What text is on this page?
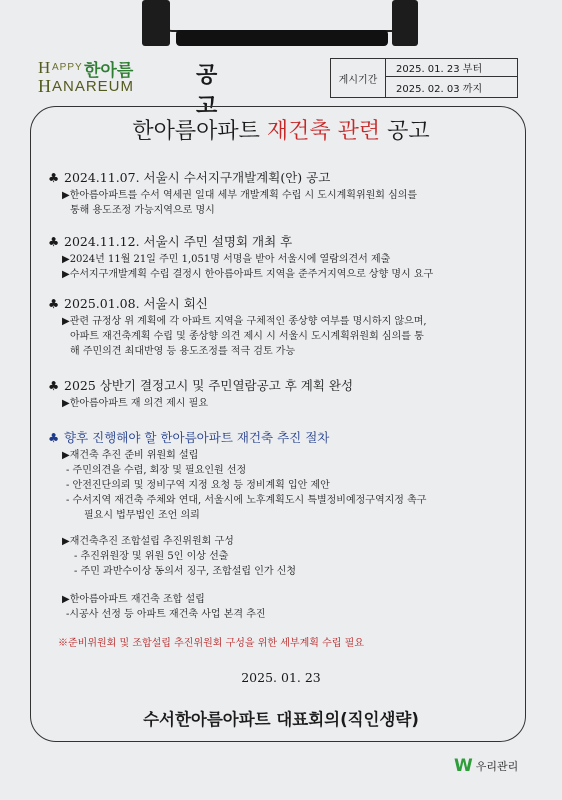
H APPY 한아름
H ANAREUM	공 고
게시기간
2025. 01. 23 부터
2025. 02. 03 까지
한아름아파트 재건축 관련 공고
♣ 2024.11.07. 서울시 수서지구개발계획(안) 공고
▶한아름아파트를 수서 역세권 일대 세부 개발계획 수립 시 도시계획위원회 심의를
통해 용도조정 가능지역으로 명시
♣ 2024.11.12. 서울시 주민 설명회 개최 후
▶2024년 11월 21일 주민 1,051명 서명을 받아 서울시에 열람의견서 제출
▶수서지구개발계획 수립 결정시 한아름아파트 지역을 준주거지역으로 상향 명시 요구
♣ 2025.01.08. 서울시 회신
▶관련 규정상 위 계획에 각 아파트 지역을 구체적인 종상향 여부를 명시하지 않으며,
아파트 재건축계획 수립 및 종상향 의견 제시 시 서울시 도시계획위원회 심의를 통
해 주민의견 최대반영 등 용도조정를 적극 검토 가능
♣ 2025 상반기 결정고시 및 주민열람공고 후 계획 완성
▶한아름아파트 재 의견 제시 필요
♣ 향후 진행해야 할 한아름아파트 재건축 추진 절차
▶재건축 추진 준비 위원회 설립
- 주민의견을 수렴, 회장 및 필요인원 선정
- 안전진단의뢰 및 정비구역 지정 요청 등 정비계획 입안 제안
- 수서지역 재건축 주체와 연대, 서울시에 노후계획도시 특별정비예정구역지정 촉구
필요시 법무법인 조언 의뢰
▶재건축추진 조합설립 추진위원회 구성
- 추진위원장 및 위원 5인 이상 선출
- 주민 과반수이상 동의서 징구, 조합설립 인가 신청
▶한아름아파트 재건축 조합 설립
-시공사 선정 등 아파트 재건축 사업 본격 추진
※준비위원회 및 조합설립 추진위원회 구성을 위한 세부계획 수립 필요
2025. 01. 23
수서한아름아파트 대표회의(직인생략)
W 우리관리
